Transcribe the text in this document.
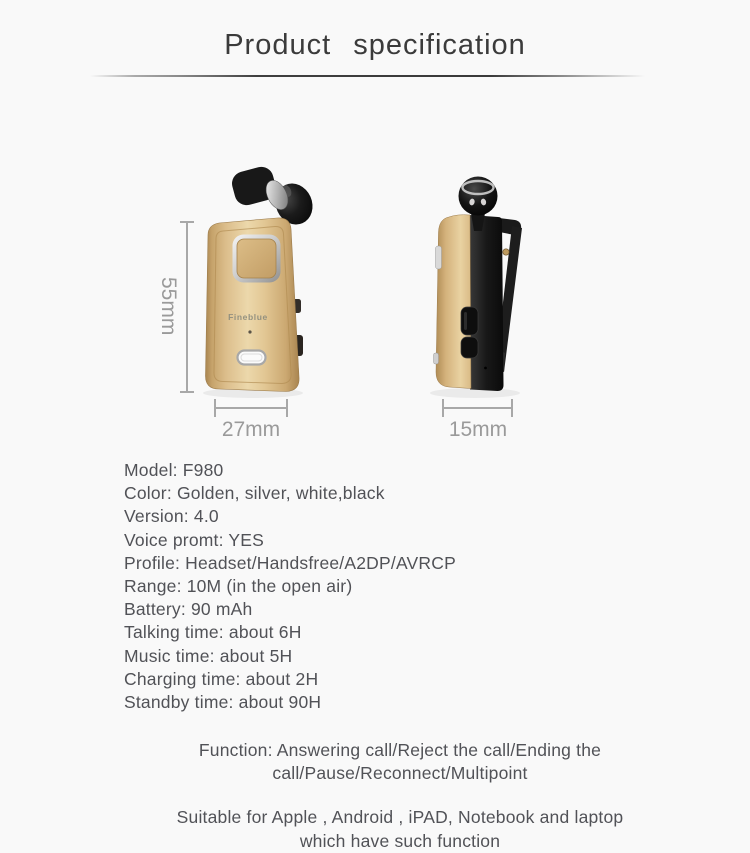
Product specification
Fineblue
55mm
27mm	15mm
Model: F980
Color: Golden, silver, white,black
Version: 4.0
Voice promt: YES
Profile: Headset/Handsfree/A2DP/AVRCP
Range: 10M (in the open air)
Battery: 90 mAh
Talking time: about 6H
Music time: about 5H
Charging time: about 2H
Standby time: about 90H
Function: Answering call/Reject the call/Ending the
call/Pause/Reconnect/Multipoint
Suitable for Apple , Android , iPAD, Notebook and laptop
which have such function
